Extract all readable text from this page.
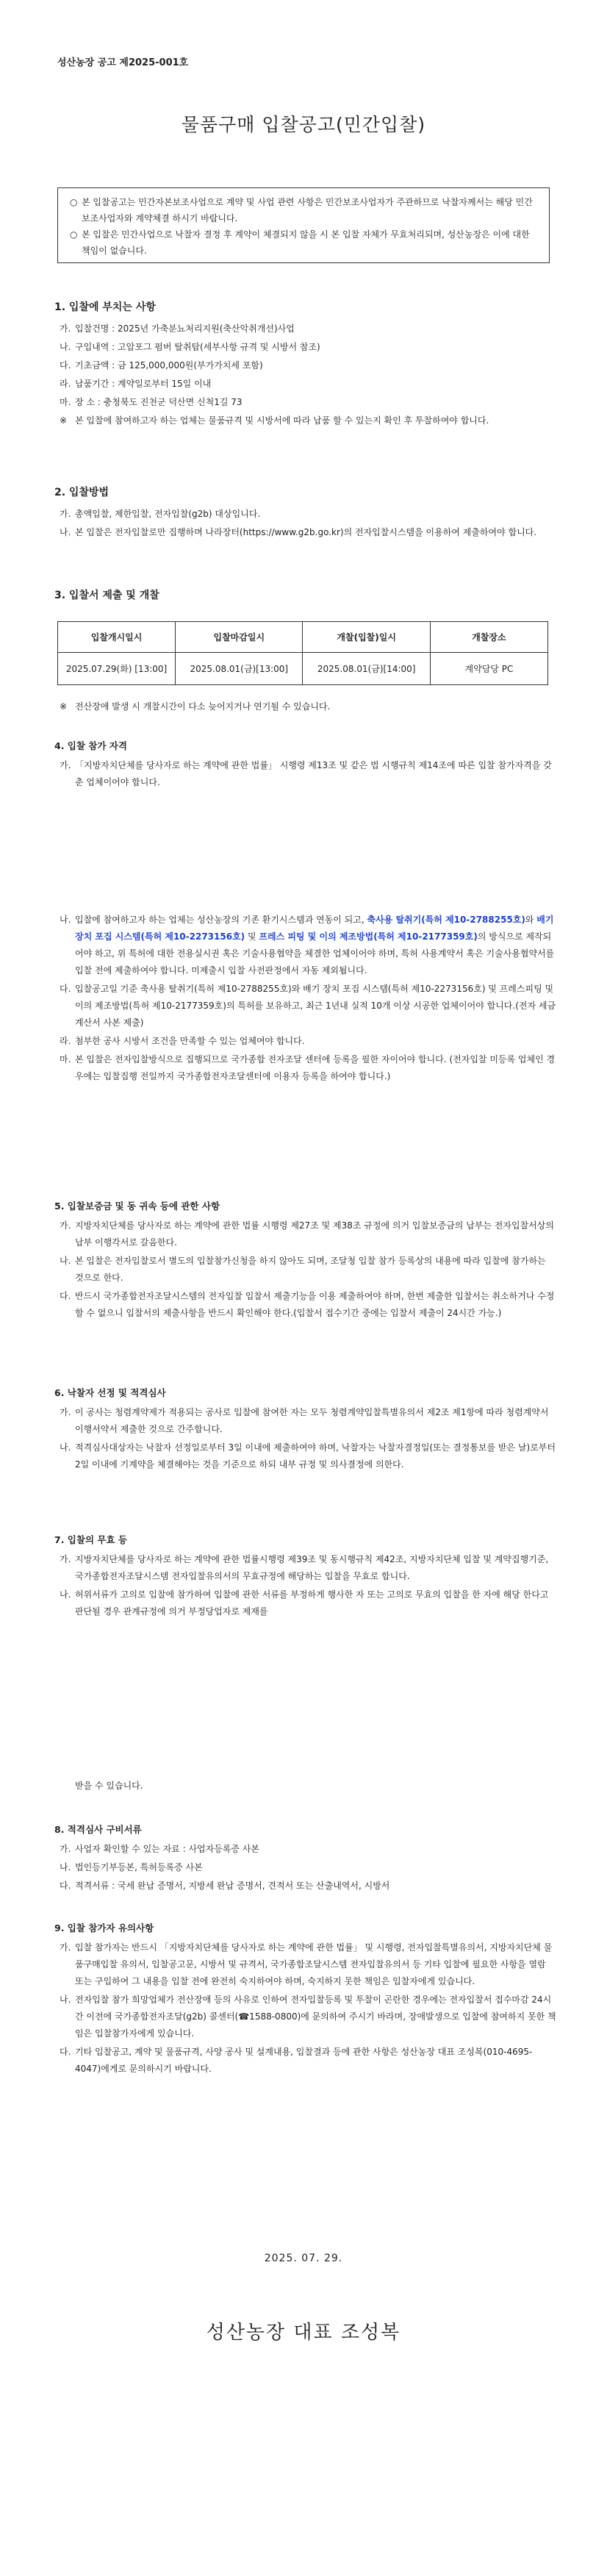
성산농장 공고 제2025-001호
물품구매 입찰공고(민간입찰)
○ 본 입찰공고는 민간자본보조사업으로 계약 및 사업 관련 사항은 민간보조사업자가 주관하므로 낙찰자께서는 해당 민간보조사업자와 계약체결 하시기 바랍니다.
○ 본 입찰은 민간사업으로 낙찰자 결정 후 계약이 체결되지 않을 시 본 입찰 자체가 무효처리되며, 성산농장은 이에 대한 책임이 없습니다.
1. 입찰에 부치는 사항
가. 입찰건명 : 2025년 가축분뇨처리지원(축산악취개선)사업
나. 구입내역 : 고압포그 펌버 탈취탑(세부사항 규격 및 시방서 참조)
다. 기초금액 : 금 125,000,000원(부가가치세 포함)
라. 납품기간 : 계약일로부터 15일 이내
마. 장 소 : 충청북도 진천군 덕산면 신척1길 73
※ 본 입찰에 참여하고자 하는 업체는 물품규격 및 시방서에 따라 납품 할 수 있는지 확인 후 투찰하여야 합니다.
2. 입찰방법
가. 총액입찰, 제한입찰, 전자입찰(g2b) 대상입니다.
나. 본 입찰은 전자입찰로만 집행하며 나라장터(https://www.g2b.go.kr)의 전자입찰시스템을 이용하여 제출하여야 합니다.
3. 입찰서 제출 및 개찰
입찰개시일시	입찰마감일시	개찰(입찰)일시	개찰장소
2025.07.29(화) [13:00]	2025.08.01(금)[13:00]	2025.08.01(금)[14:00]	계약담당 PC
※ 전산장애 발생 시 개찰시간이 다소 늦어지거나 연기될 수 있습니다.
4. 입찰 참가 자격
가. 「지방자치단체를 당사자로 하는 계약에 관한 법률」 시행령 제13조 및 같은 법 시행규칙 제14조에 따른 입찰 참가자격을 갖춘 업체이어야 합니다.
나. 입찰에 참여하고자 하는 업체는 성산농장의 기존 환기시스템과 연동이 되고, 축사용 탈취기(특허 제10-2788255호)와 배기 장치 포집 시스템(특허 제10-2273156호) 및 프레스 피팅 및 이의 제조방법(특허 제10-2177359호)의 방식으로 제작되어야 하고, 위 특허에 대한 전용실시권 혹은 기술사용협약을 체결한 업체이어야 하며, 특허 사용계약서 혹은 기술사용협약서를 입찰 전에 제출하여야 합니다. 미제출시 입찰 사전판정에서 자동 제외됩니다.
다. 입찰공고일 기준 축사용 탈취기(특허 제10-2788255호)와 배기 장치 포집 시스템(특허 제10-2273156호) 및 프레스피팅 및 이의 제조방법(특허 제10-2177359호)의 특허를 보유하고, 최근 1년내 실적 10개 이상 시공한 업체이어야 합니다.(전자 세금계산서 사본 제출)
라. 첨부한 공사 시방서 조건을 만족할 수 있는 업체여야 합니다.
마. 본 입찰은 전자입찰방식으로 집행되므로 국가종합 전자조달 센터에 등록을 필한 자이어야 합니다. (전자입찰 미등록 업체인 경우에는 입찰집행 전일까지 국가종합전자조달센터에 이용자 등록을 하여야 합니다.)
5. 입찰보증금 및 동 귀속 등에 관한 사항
가. 지방자치단체를 당사자로 하는 계약에 관한 법률 시행령 제27조 및 제38조 규정에 의거 입찰보증금의 납부는 전자입찰서상의 납부 이행각서로 갈음한다.
나. 본 입찰은 전자입찰로서 별도의 입찰참가신청을 하지 않아도 되며, 조달청 입찰 참가 등록상의 내용에 따라 입찰에 참가하는 것으로 한다.
다. 반드시 국가종합전자조달시스템의 전자입찰 입찰서 제출기능을 이용 제출하여야 하며, 한번 제출한 입찰서는 취소하거나 수정할 수 없으니 입찰서의 제출사항을 반드시 확인해야 한다.(입찰서 접수기간 중에는 입찰서 제출이 24시간 가능.)
6. 낙찰자 선정 및 적격심사
가. 이 공사는 청렴계약제가 적용되는 공사로 입찰에 참여한 자는 모두 청렴계약입찰특별유의서 제2조 제1항에 따라 청렴계약서 이행서약서 제출한 것으로 간주합니다.
나. 적격심사대상자는 낙찰자 선정일로부터 3일 이내에 제출하여야 하며, 낙찰자는 낙찰자결정일(또는 결정통보를 받은 날)로부터 2일 이내에 기계약을 체결해야는 것을 기준으로 하되 내부 규정 및 의사결정에 의한다.
7. 입찰의 무효 등
가. 지방자치단체를 당사자로 하는 계약에 관한 법률시행령 제39조 및 동시행규칙 제42조, 지방자치단체 입찰 및 계약집행기준, 국가종합전자조달시스템 전자입찰유의서의 무효규정에 해당하는 입찰을 무효로 합니다.
나. 허위서류가 고의로 입찰에 참가하여 입찰에 관한 서류를 부정하게 행사한 자 또는 고의로 무효의 입찰을 한 자에 해당 한다고 판단될 경우 관계규정에 의거 부정당업자로 제재를
받을 수 있습니다.
8. 적격심사 구비서류
가. 사업자 확인할 수 있는 자료 : 사업자등록증 사본
나. 법인등기부등본, 특허등록증 사본
다. 적격서류 : 국세 완납 증명서, 지방세 완납 증명서, 견적서 또는 산출내역서, 시방서
9. 입찰 참가자 유의사항
가. 입찰 참가자는 반드시 「지방자치단체를 당사자로 하는 계약에 관한 법률」 및 시행령, 전자입찰특별유의서, 지방자치단체 물품구매입찰 유의서, 입찰공고문, 시방서 및 규격서, 국가종합조달시스템 전자입찰유의서 등 기타 입찰에 필요한 사항을 열람 또는 구입하여 그 내용을 입찰 전에 완전히 숙지하여야 하며, 숙지하지 못한 책임은 입찰자에게 있습니다.
나. 전자입찰 참가 희망업체가 전산장애 등의 사유로 인하여 전자입찰등록 및 투찰이 곤란한 경우에는 전자입찰서 접수마감 24시간 이전에 국가종합전자조달(g2b) 콜센터(☎1588-0800)에 문의하여 주시기 바라며, 장애발생으로 입찰에 참여하지 못한 책임은 입찰참가자에게 있습니다.
다. 기타 입찰공고, 계약 및 물품규격, 사양 공사 및 설계내용, 입찰결과 등에 관한 사항은 성산농장 대표 조성복(010-4695-4047)에게로 문의하시기 바랍니다.
2025. 07. 29.
성산농장 대표 조성복
